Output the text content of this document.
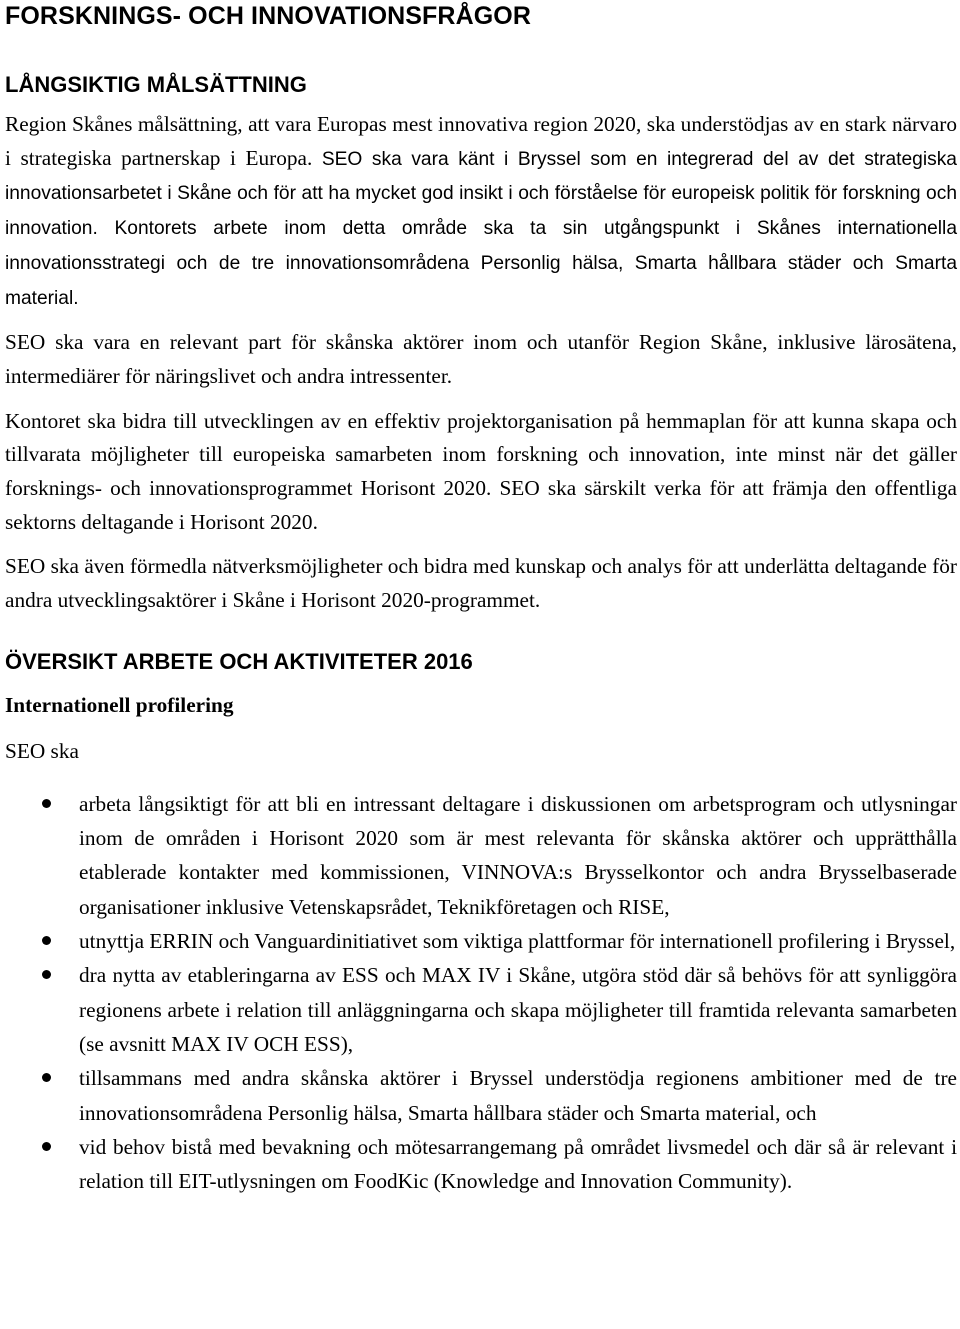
FORSKNINGS- OCH INNOVATIONSFRÅGOR
LÅNGSIKTIG MÅLSÄTTNING

Region Skånes målsättning, att vara Europas mest innovativa region 2020, ska understödjas av en stark närvaro i strategiska partnerskap i Europa. SEO ska vara känt i Bryssel som en integrerad del av det strategiska innovationsarbetet i Skåne och för att ha mycket god insikt i och förståelse för europeisk politik för forskning och innovation. Kontorets arbete inom detta område ska ta sin utgångspunkt i Skånes internationella innovationsstrategi och de tre innovationsområdena Personlig hälsa, Smarta hållbara städer och Smarta material.

SEO ska vara en relevant part för skånska aktörer inom och utanför Region Skåne, inklusive lärosätena, intermediärer för näringslivet och andra intressenter.

Kontoret ska bidra till utvecklingen av en effektiv projektorganisation på hemmaplan för att kunna skapa och tillvarata möjligheter till europeiska samarbeten inom forskning och innovation, inte minst när det gäller forsknings- och innovationsprogrammet Horisont 2020. SEO ska särskilt verka för att främja den offentliga sektorns deltagande i Horisont 2020.

SEO ska även förmedla nätverksmöjligheter och bidra med kunskap och analys för att underlätta deltagande för andra utvecklingsaktörer i Skåne i Horisont 2020-programmet.

ÖVERSIKT ARBETE OCH AKTIVITETER 2016
Internationell profilering

SEO ska

arbeta långsiktigt för att bli en intressant deltagare i diskussionen om arbetsprogram och utlysningar inom de områden i Horisont 2020 som är mest relevanta för skånska aktörer och upprätthålla etablerade kontakter med kommissionen, VINNOVA:s Brysselkontor och andra Brysselbaserade organisationer inklusive Vetenskapsrådet, Teknikföretagen och RISE,
utnyttja ERRIN och Vanguardinitiativet som viktiga plattformar för internationell profilering i Bryssel,
dra nytta av etableringarna av ESS och MAX IV i Skåne, utgöra stöd där så behövs för att synliggöra regionens arbete i relation till anläggningarna och skapa möjligheter till framtida relevanta samarbeten (se avsnitt MAX IV OCH ESS),
tillsammans med andra skånska aktörer i Bryssel understödja regionens ambitioner med de tre innovationsområdena Personlig hälsa, Smarta hållbara städer och Smarta material, och
vid behov bistå med bevakning och mötesarrangemang på området livsmedel och där så är relevant i relation till EIT-utlysningen om FoodKic (Knowledge and Innovation Community).
